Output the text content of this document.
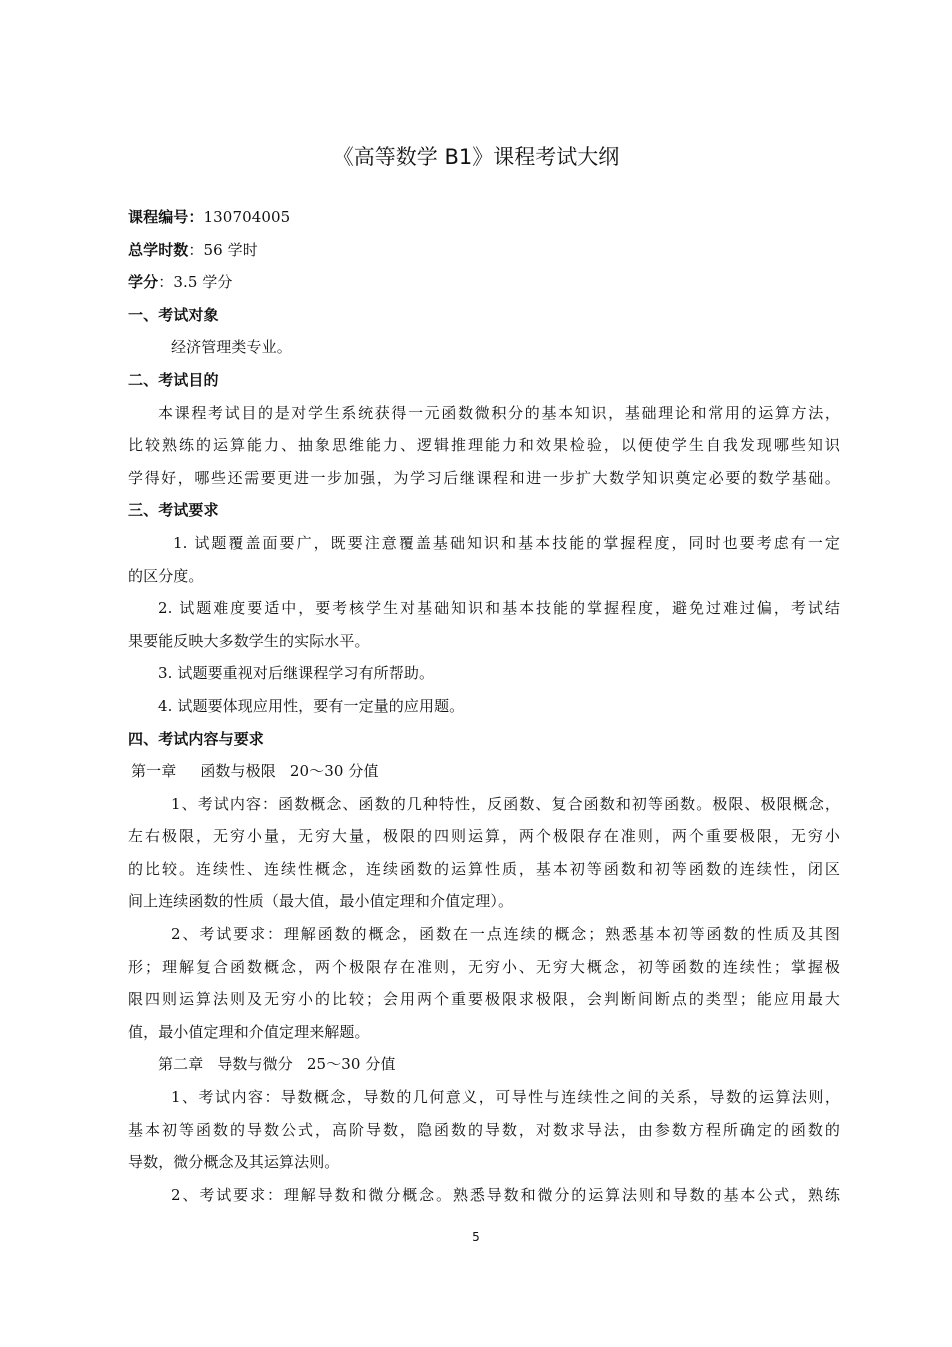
《高等数学 B1》课程考试大纲
课程编号：130704005
总学时数：56 学时
学分：3.5 学分
一、考试对象
经济管理类专业。
二、考试目的
本课程考试目的是对学生系统获得一元函数微积分的基本知识，基础理论和常用的运算方法，
比较熟练的运算能力、抽象思维能力、逻辑推理能力和效果检验，以便使学生自我发现哪些知识
学得好，哪些还需要更进一步加强，为学习后继课程和进一步扩大数学知识奠定必要的数学基础。
三、考试要求
1. 试题覆盖面要广，既要注意覆盖基础知识和基本技能的掌握程度，同时也要考虑有一定
的区分度。
2. 试题难度要适中，要考核学生对基础知识和基本技能的掌握程度，避免过难过偏，考试结
果要能反映大多数学生的实际水平。
3. 试题要重视对后继课程学习有所帮助。
4. 试题要体现应用性，要有一定量的应用题。
四、考试内容与要求
第一章 函数与极限 20～30 分值
1、考试内容：函数概念、函数的几种特性，反函数、复合函数和初等函数。极限、极限概念，
左右极限，无穷小量，无穷大量，极限的四则运算，两个极限存在准则，两个重要极限，无穷小
的比较。连续性、连续性概念，连续函数的运算性质，基本初等函数和初等函数的连续性，闭区
间上连续函数的性质（最大值，最小值定理和介值定理）。
2、考试要求：理解函数的概念，函数在一点连续的概念；熟悉基本初等函数的性质及其图
形；理解复合函数概念，两个极限存在准则，无穷小、无穷大概念，初等函数的连续性；掌握极
限四则运算法则及无穷小的比较；会用两个重要极限求极限，会判断间断点的类型；能应用最大
值，最小值定理和介值定理来解题。
第二章 导数与微分 25～30 分值
1、考试内容：导数概念，导数的几何意义，可导性与连续性之间的关系，导数的运算法则，
基本初等函数的导数公式，高阶导数，隐函数的导数，对数求导法，由参数方程所确定的函数的
导数，微分概念及其运算法则。
2、考试要求：理解导数和微分概念。熟悉导数和微分的运算法则和导数的基本公式，熟练
5
